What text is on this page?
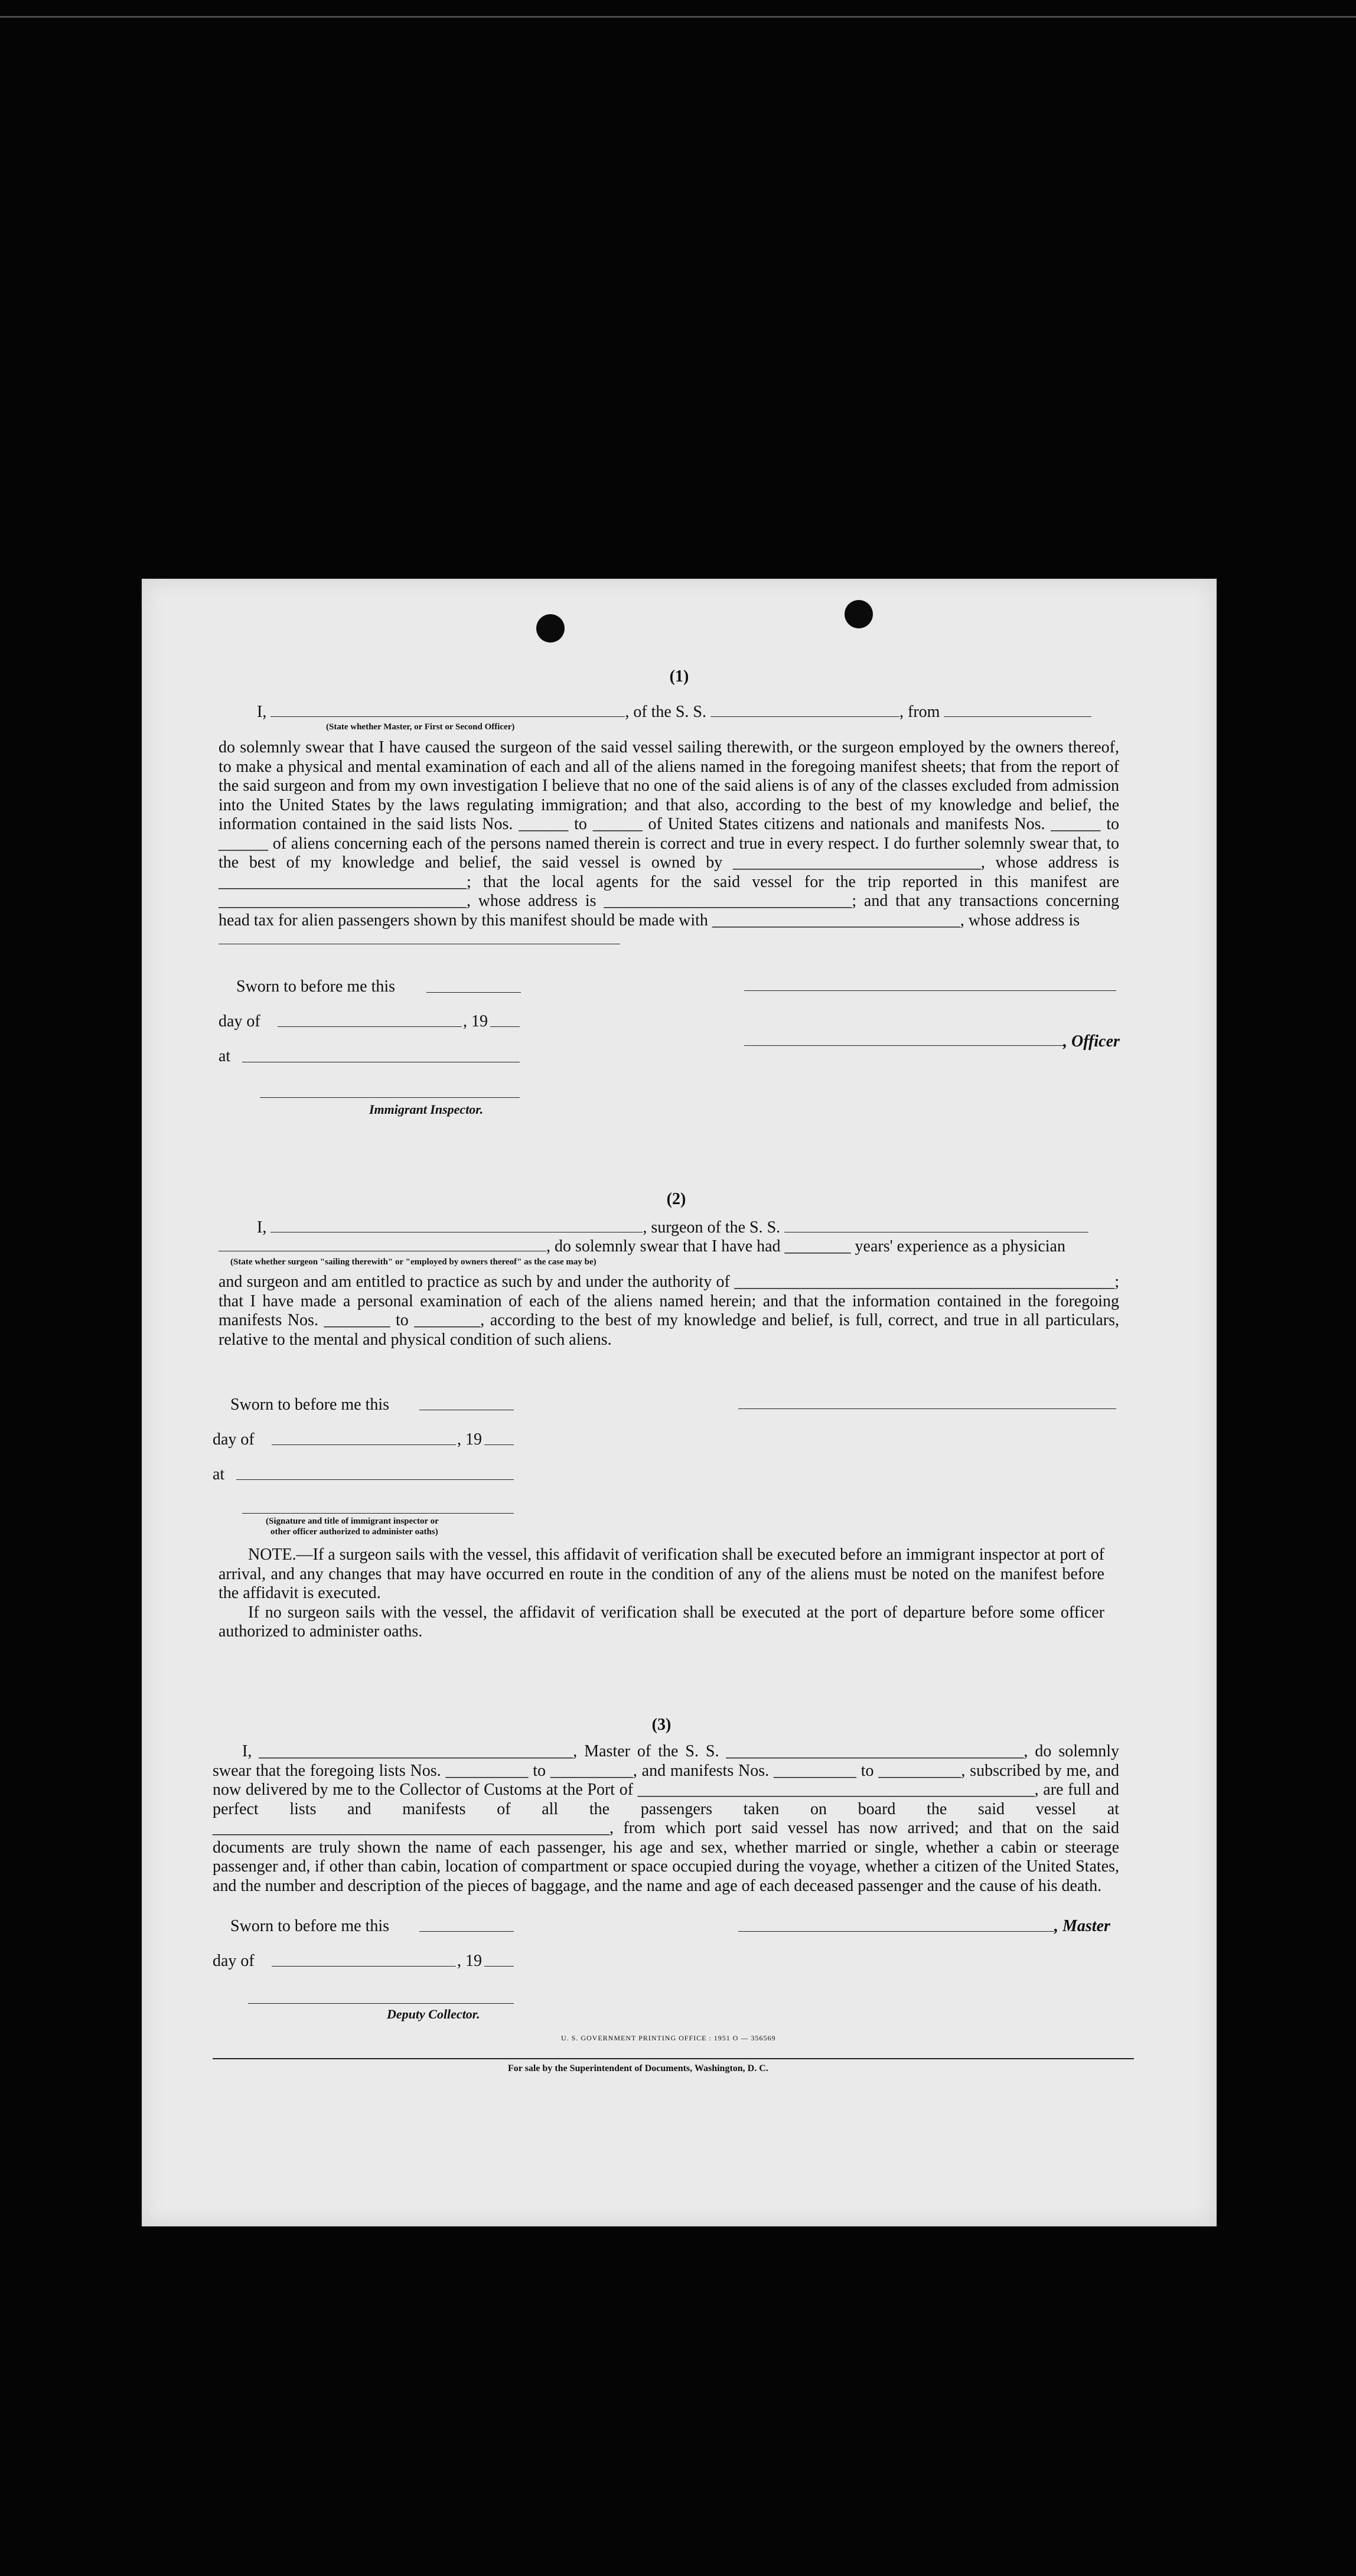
(1)
I,	, of the S. S.	, from
(State whether Master, or First or Second Officer)

do solemnly swear that I have caused the surgeon of the said vessel sailing therewith, or the surgeon employed by the owners thereof, to make a physical and mental examination of each and all of the aliens named in the foregoing manifest sheets; that from the report of the said surgeon and from my own investigation I believe that no one of the said aliens is of any of the classes excluded from admission into the United States by the laws regulating immigration; and that also, according to the best of my knowledge and belief, the information contained in the said lists Nos. ______ to ______ of United States citizens and nationals and manifests Nos. ______ to ______ of aliens concerning each of the persons named therein is correct and true in every respect. I do further solemnly swear that, to the best of my knowledge and belief, the said vessel is owned by ______________________________, whose address is ______________________________; that the local agents for the said vessel for the trip reported in this manifest are ______________________________, whose address is ______________________________; and that any transactions concerning head tax for alien passengers shown by this manifest should be made with ______________________________, whose address is

Sworn to before me this
day of	, 19
, Officer
at
Immigrant Inspector.
(2)
I,	, surgeon of the S. S.
, do solemnly swear that I have had ________ years' experience as a physician
(State whether surgeon "sailing therewith" or "employed by owners thereof" as the case may be)

and surgeon and am entitled to practice as such by and under the authority of ______________________________________________; that I have made a personal examination of each of the aliens named herein; and that the information contained in the foregoing manifests Nos. ________ to ________, according to the best of my knowledge and belief, is full, correct, and true in all particulars, relative to the mental and physical condition of such aliens.

Sworn to before me this
day of	, 19
at
(Signature and title of immigrant inspector or
other officer authorized to administer oaths)

NOTE.—If a surgeon sails with the vessel, this affidavit of verification shall be executed before an immigrant inspector at port of arrival, and any changes that may have occurred en route in the condition of any of the aliens must be noted on the manifest before the affidavit is executed.

If no surgeon sails with the vessel, the affidavit of verification shall be executed at the port of departure before some officer authorized to administer oaths.

(3)

I, ______________________________________, Master of the S. S. ____________________________________, do solemnly swear that the foregoing lists Nos. __________ to __________, and manifests Nos. __________ to __________, subscribed by me, and now delivered by me to the Collector of Customs at the Port of ________________________________________________, are full and perfect lists and manifests of all the passengers taken on board the said vessel at ________________________________________________, from which port said vessel has now arrived; and that on the said documents are truly shown the name of each passenger, his age and sex, whether married or single, whether a cabin or steerage passenger and, if other than cabin, location of compartment or space occupied during the voyage, whether a citizen of the United States, and the number and description of the pieces of baggage, and the name and age of each deceased passenger and the cause of his death.

Sworn to before me this	, Master
day of	, 19
Deputy Collector.
U. S. GOVERNMENT PRINTING OFFICE : 1951 O — 356569
For sale by the Superintendent of Documents, Washington, D. C.
